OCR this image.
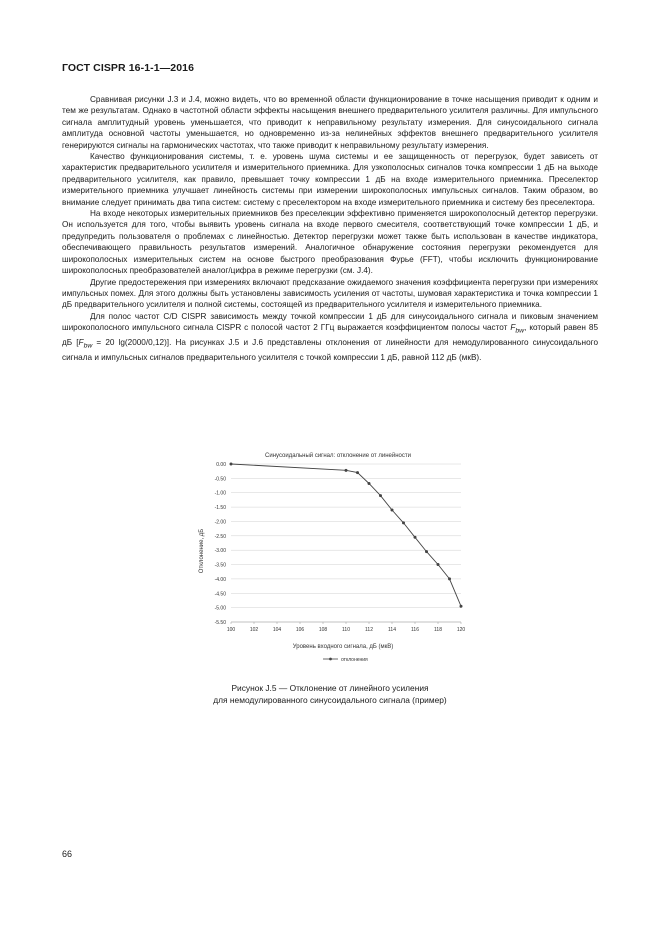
ГОСТ CISPR 16-1-1—2016

Сравнивая рисунки J.3 и J.4, можно видеть, что во временной области функционирование в точке насыщения приводит к одним и тем же результатам. Однако в частотной области эффекты насыщения внешнего предварительного усилителя различны. Для импульсного сигнала амплитудный уровень уменьшается, что приводит к неправильному результату измерения. Для синусоидального сигнала амплитуда основной частоты уменьшается, но одновременно из-за нелинейных эффектов внешнего предварительного усилителя генерируются сигналы на гармонических частотах, что также приводит к неправильному результату измерения.

Качество функционирования системы, т. е. уровень шума системы и ее защищенность от перегрузок, будет зависеть от характеристик предварительного усилителя и измерительного приемника. Для узкополосных сигналов точка компрессии 1 дБ на выходе предварительного усилителя, как правило, превышает точку компрессии 1 дБ на входе измерительного приемника. Преселектор измерительного приемника улучшает линейность системы при измерении широкополосных импульсных сигналов. Таким образом, во внимание следует принимать два типа систем: систему с преселектором на входе измерительного приемника и систему без преселектора.

На входе некоторых измерительных приемников без преселекции эффективно применяется широкополосный детектор перегрузки. Он используется для того, чтобы выявить уровень сигнала на входе первого смесителя, соответствующий точке компрессии 1 дБ, и предупредить пользователя о проблемах с линейностью. Детектор перегрузки может также быть использован в качестве индикатора, обеспечивающего правильность результатов измерений. Аналогичное обнаружение состояния перегрузки рекомендуется для широкополосных измерительных систем на основе быстрого преобразования Фурье (FFT), чтобы исключить функционирование широкополосных преобразователей аналог/цифра в режиме перегрузки (см. J.4).

Другие предостережения при измерениях включают предсказание ожидаемого значения коэффициента перегрузки при измерениях импульсных помех. Для этого должны быть установлены зависимость усиления от частоты, шумовая характеристика и точка компрессии 1 дБ предварительного усилителя и полной системы, состоящей из предварительного усилителя и измерительного приемника.

Для полос частот C/D CISPR зависимость между точкой компрессии 1 дБ для синусоидального сигнала и пиковым значением широкополосного импульсного сигнала CISPR с полосой частот 2 ГГц выражается коэффициентом полосы частот $F_{bw}$, который равен 85 дБ [$F_{bw} = 20$ lg(2000/0,12)]. На рисунках J.5 и J.6 представлены отклонения от линейности для немодулированного синусоидального сигнала и импульсных сигналов предварительного усилителя с точкой компрессии 1 дБ, равной 112 дБ (мкВ).

Синусоидальный сигнал: отклонение от линейности
0.00
-0.50
-1.00
-1.50
-2.00
-2.50
-3.00
-3.50
-4.00
-4.50
-5.00
-5.50
100	102	104	106	108	110	112	114	116	118	120
Отклонение, дБ
Уровень входного сигнала, дБ (мкВ)
отклонения
Рисунок J.5 — Отклонение от линейного усиления
для немодулированного синусоидального сигнала (пример)
66
